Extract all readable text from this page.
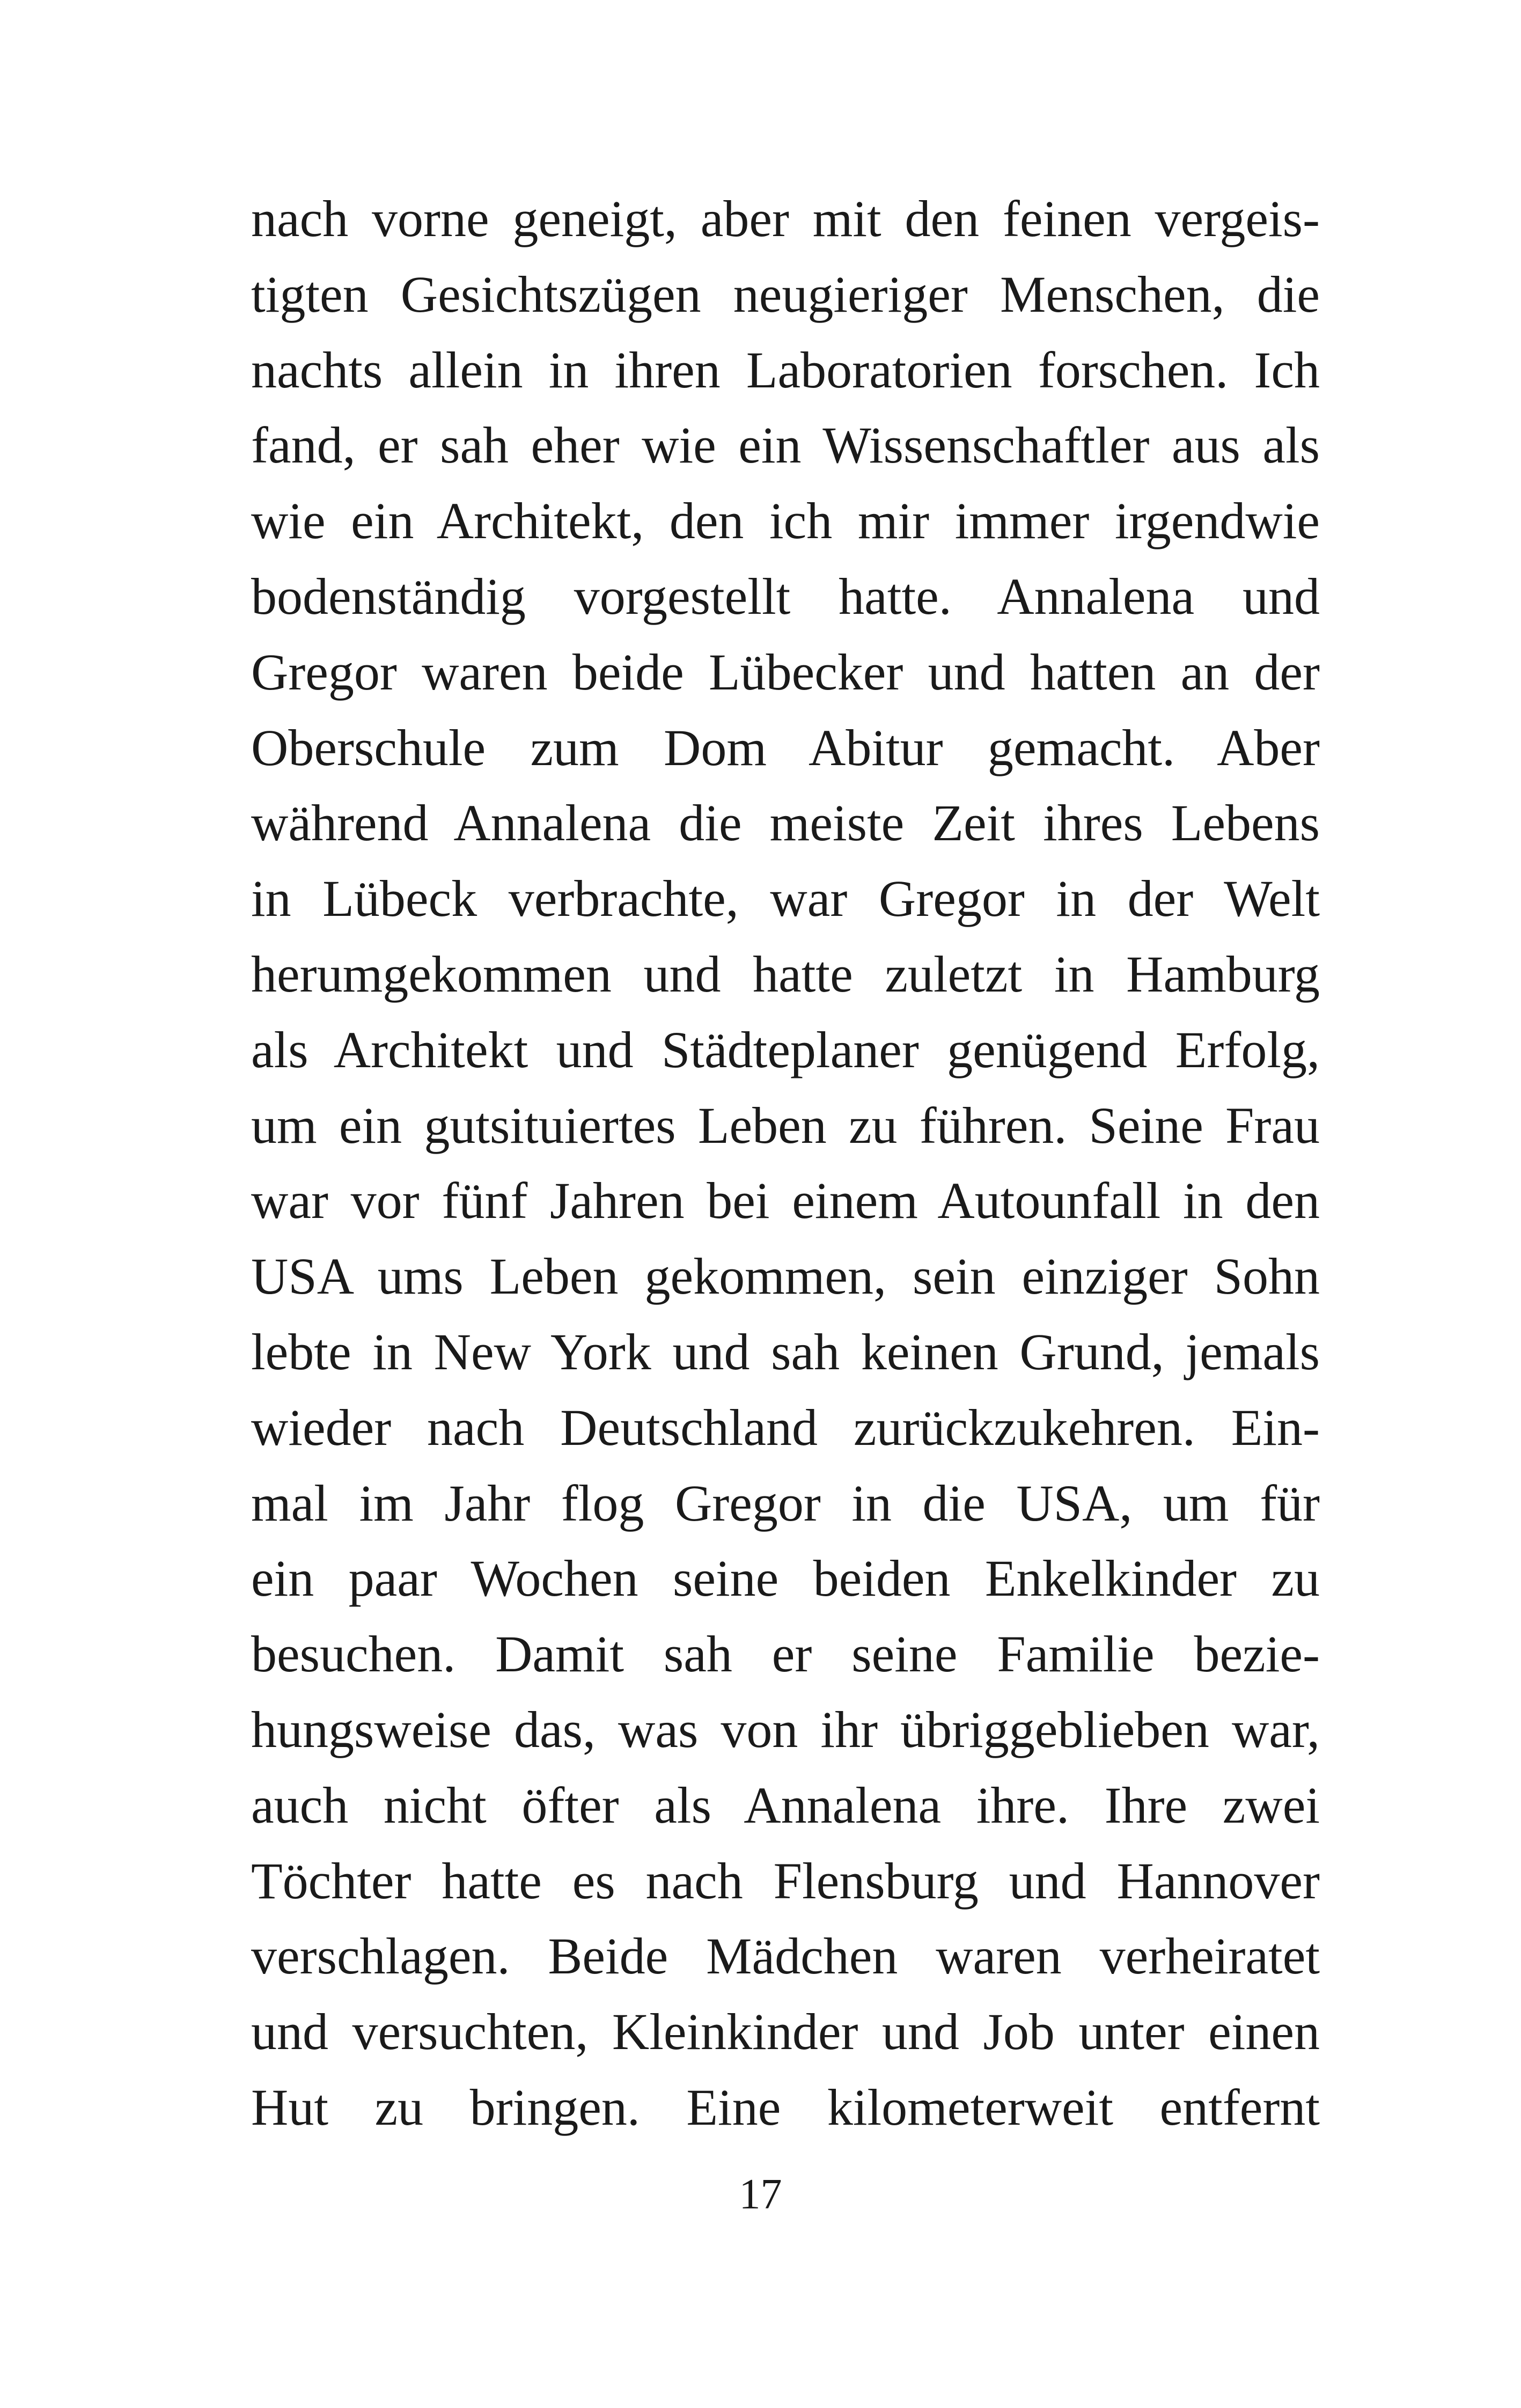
nach vorne geneigt, aber mit den feinen vergeis-
tigten Gesichtszügen neugieriger Menschen, die
nachts allein in ihren Laboratorien forschen. Ich
fand, er sah eher wie ein Wissenschaftler aus als
wie ein Architekt, den ich mir immer irgendwie
bodenständig vorgestellt hatte. Annalena und
Gregor waren beide Lübecker und hatten an der
Oberschule zum Dom Abitur gemacht. Aber
während Annalena die meiste Zeit ihres Lebens
in Lübeck verbrachte, war Gregor in der Welt
herumgekommen und hatte zuletzt in Hamburg
als Architekt und Städteplaner genügend Erfolg,
um ein gutsituiertes Leben zu führen. Seine Frau
war vor fünf Jahren bei einem Autounfall in den
USA ums Leben gekommen, sein einziger Sohn
lebte in New York und sah keinen Grund, jemals
wieder nach Deutschland zurückzukehren. Ein-
mal im Jahr flog Gregor in die USA, um für
ein paar Wochen seine beiden Enkelkinder zu
besuchen. Damit sah er seine Familie bezie-
hungsweise das, was von ihr übriggeblieben war,
auch nicht öfter als Annalena ihre. Ihre zwei
Töchter hatte es nach Flensburg und Hannover
verschlagen. Beide Mädchen waren verheiratet
und versuchten, Kleinkinder und Job unter einen
Hut zu bringen. Eine kilometerweit entfernt
17
